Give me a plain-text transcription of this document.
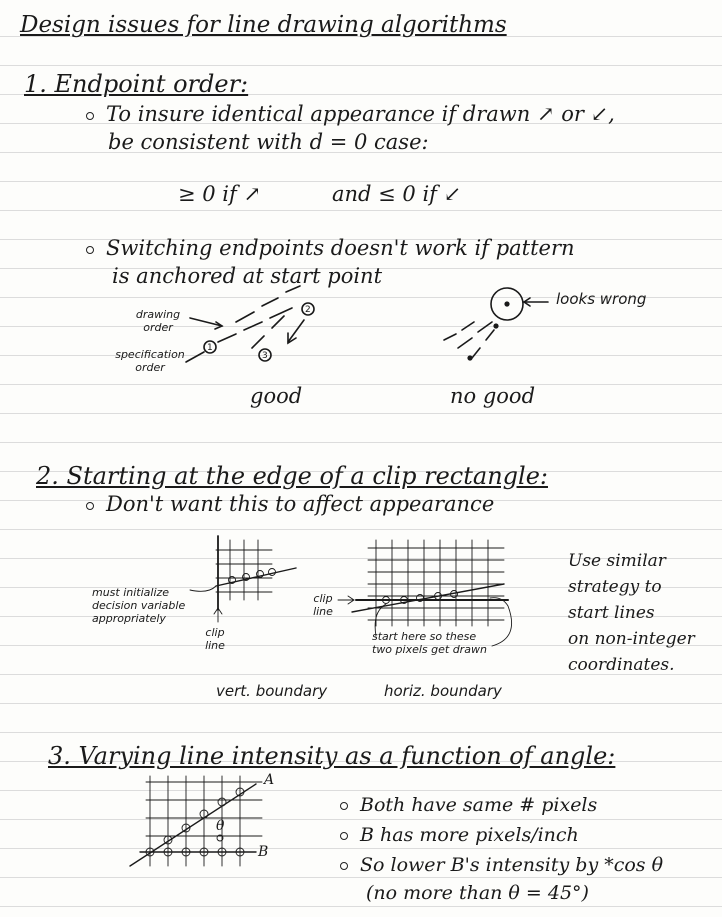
Design issues for line drawing algorithms
1. Endpoint order:
To insure identical appearance if drawn ↗ or ↙,
be consistent with d = 0 case:
≥ 0 if ↗	and ≤ 0 if ↙
Switching endpoints doesn't work if pattern
is anchored at start point
drawing order
specification order
looks wrong
good	no good
2. Starting at the edge of a clip rectangle:
Don't want this to affect appearance
must initialize decision variable appropriately
clip line
clip line
start here so these two pixels get drawn
vert. boundary	horiz. boundary
Use similar
strategy to
start lines
on non-integer
coordinates.
3. Varying line intensity as a function of angle:
A
B
θ
Both have same # pixels
B has more pixels/inch
So lower B's intensity by *cos θ
(no more than θ = 45°)
1
2
3
